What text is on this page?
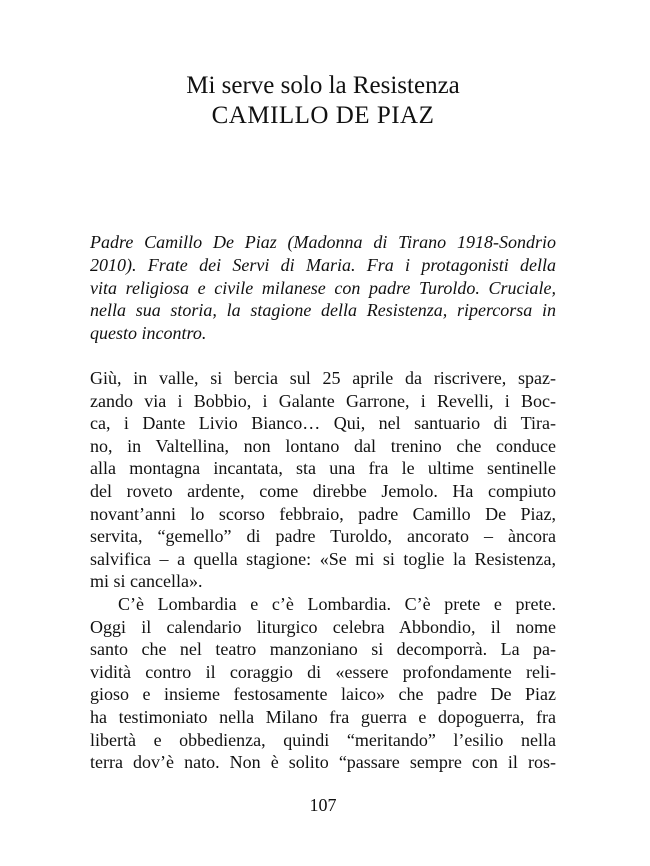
Mi serve solo la Resistenza
CAMILLO DE PIAZ

Padre Camillo De Piaz (Madonna di Tirano 1918-Sondrio
2010). Frate dei Servi di Maria. Fra i protagonisti della
vita religiosa e civile milanese con padre Turoldo. Cruciale,
nella sua storia, la stagione della Resistenza, ripercorsa in
questo incontro.

Giù, in valle, si bercia sul 25 aprile da riscrivere, spaz-
zando via i Bobbio, i Galante Garrone, i Revelli, i Boc-
ca, i Dante Livio Bianco… Qui, nel santuario di Tira-
no, in Valtellina, non lontano dal trenino che conduce
alla montagna incantata, sta una fra le ultime sentinelle
del roveto ardente, come direbbe Jemolo. Ha compiuto
novant’anni lo scorso febbraio, padre Camillo De Piaz,
servita, “gemello” di padre Turoldo, ancorato – àncora
salvifica – a quella stagione: «Se mi si toglie la Resistenza,
mi si cancella».
C’è Lombardia e c’è Lombardia. C’è prete e prete.
Oggi il calendario liturgico celebra Abbondio, il nome
santo che nel teatro manzoniano si decomporrà. La pa-
vidità contro il coraggio di «essere profondamente reli-
gioso e insieme festosamente laico» che padre De Piaz
ha testimoniato nella Milano fra guerra e dopoguerra, fra
libertà e obbedienza, quindi “meritando” l’esilio nella
terra dov’è nato. Non è solito “passare sempre con il ros-
107
